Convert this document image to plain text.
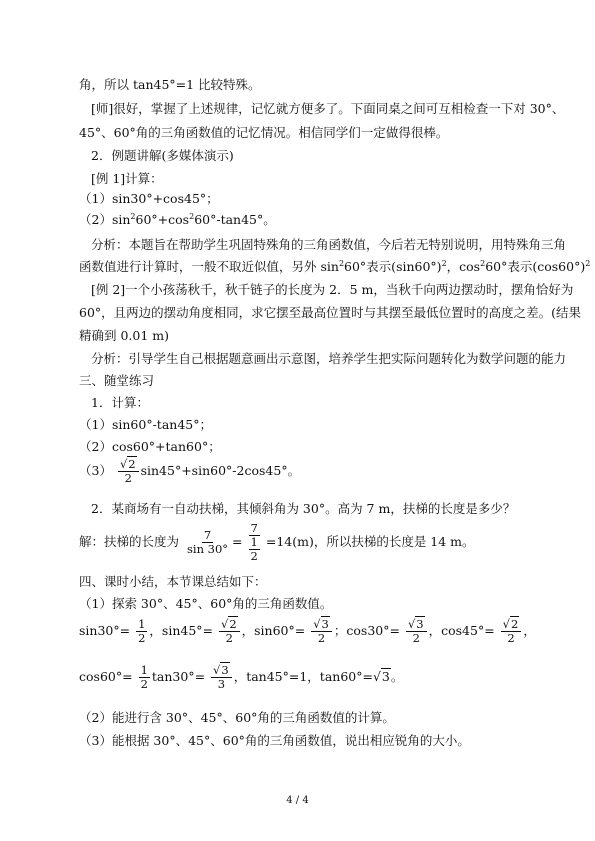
角，所以 tan45°=1 比较特殊。
[师]很好，掌握了上述规律，记忆就方便多了。下面同桌之间可互相检查一下对 30°、
45°、60°角的三角函数值的记忆情况。相信同学们一定做得很棒。
2．例题讲解(多媒体演示)
[例 1]计算：
（1）sin30°+cos45°；
$(2)\sin^260^\circ+\cos^260^\circ-\tan 45^\circ$。
分析：本题旨在帮助学生巩固特殊角的三角函数值，今后若无特别说明，用特殊角三角
函数值进行计算时，一般不取近似值，另外 $\sin^260^\circ$表示$(\sin 60^\circ)^2$，$\cos^260^\circ$表示$(\cos 60^\circ)^2$
[例 2]一个小孩荡秋千，秋千链子的长度为 2．5 m，当秋千向两边摆动时，摆角恰好为
60°，且两边的摆动角度相同，求它摆至最高位置时与其摆至最低位置时的高度之差。(结果
精确到 0.01 m)
分析：引导学生自己根据题意画出示意图，培养学生把实际问题转化为数学问题的能力
三、随堂练习
1．计算：
（1）sin60°-tan45°；
（2）cos60°+tan60°；
$(3) \frac{√2}{2} \sin 45^\circ+\sin 60^\circ-2\cos 45^\circ$。
2．某商场有一自动扶梯，其倾斜角为 30°。高为 7 m，扶梯的长度是多少？
解：扶梯的长度为 $\frac{7}{\sin 30^\circ} = \frac{7}{\frac{1}{2}} =14(m)$，所以扶梯的长度是 14 m。
四、课时小结，本节课总结如下：
（1）探索 30°、45°、60°角的三角函数值。
$\sin 30^\circ= \frac{1}{2}$ ，$\sin 45^\circ= \frac{√2}{2}$ ，$\sin 60^\circ= \frac{√3}{2}$ ；$\cos 30^\circ= \frac{√3}{2}$ ，$\cos 45^\circ= \frac{√2}{2}$ ，
$\cos 60^\circ= \frac{1}{2} \tan 30^\circ= \frac{√3}{3}$ ，tan45°=1，tan60°=√3。
（2）能进行含 30°、45°、60°角的三角函数值的计算。
（3）能根据 30°、45°、60°角的三角函数值，说出相应锐角的大小。
4 / 4
